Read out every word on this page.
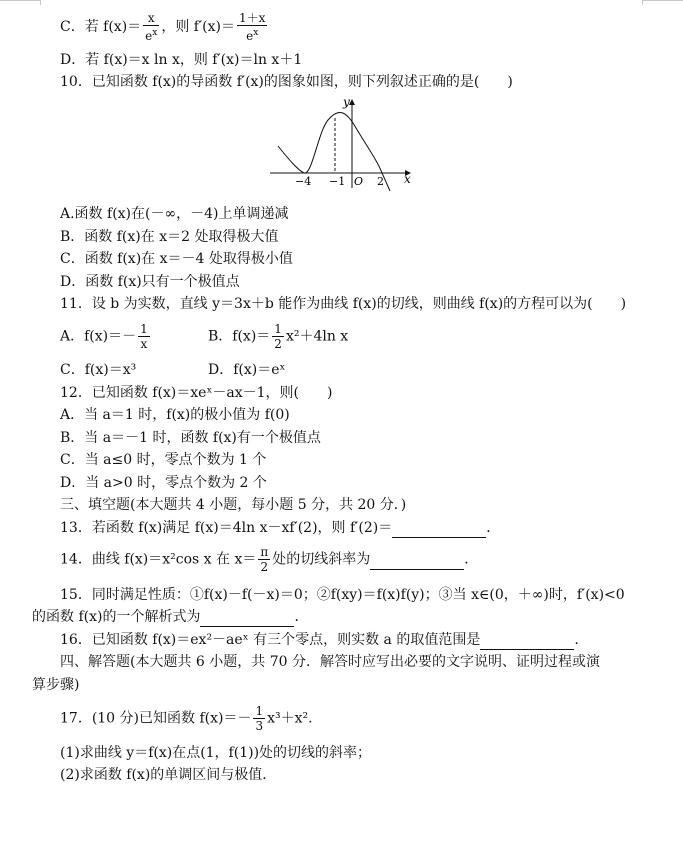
C．若 $f(x)= \frac{x}{e^x}$ ，则 $f'(x)= \frac{1+x}{e^x}$
D．若 f(x)＝x ln x，则 f′(x)＝ln x＋1
10．已知函数 f(x)的导函数 f′(x)的图象如图，则下列叙述正确的是(　　)
y
x
O
−4 −1	2
A.函数 f(x)在(－∞，－4)上单调递减
B．函数 f(x)在 x＝2 处取得极大值
C．函数 f(x)在 x＝－4 处取得极小值
D．函数 f(x)只有一个极值点
11．设 b 为实数，直线 y＝3x＋b 能作为曲线 f(x)的切线，则曲线 f(x)的方程可以为(　　)
A．$f(x)=- \frac{1}{x}$	B．$f(x)= \frac{1}{2} x^2+4\ln$ x
C．f(x)＝x³	D．f(x)＝eˣ
12．已知函数 f(x)＝xeˣ－ax－1，则(　　)
A．当 a＝1 时，f(x)的极小值为 f(0)
B．当 a＝－1 时，函数 f(x)有一个极值点
C．当 a≤0 时，零点个数为 1 个
D．当 a>0 时，零点个数为 2 个
三、填空题(本大题共 4 小题，每小题 5 分，共 20 分．)
13．若函数 f(x)满足 f(x)＝4ln x－xf′(2)，则 f′(2)＝	．
14．曲线 f(x)＝x²cos x 在 $x= \frac{\pi}{2}$ 处的切线斜率为	．
15．同时满足性质：①f(x)－f(－x)＝0；②f(xy)＝f(x)f(y)；③当 x∈(0，＋∞)时，f′(x)<0
的函数 f(x)的一个解析式为	．
16．已知函数 f(x)＝ex²－aeˣ 有三个零点，则实数 a 的取值范围是	.
四、解答题(本大题共 6 小题，共 70 分．解答时应写出必要的文字说明、证明过程或演
算步骤)
17．(10 分)已知函数 $f(x)=- \frac{1}{3} x^3+x^2$.
(1)求曲线 y＝f(x)在点(1，f(1))处的切线的斜率；
(2)求函数 f(x)的单调区间与极值．
